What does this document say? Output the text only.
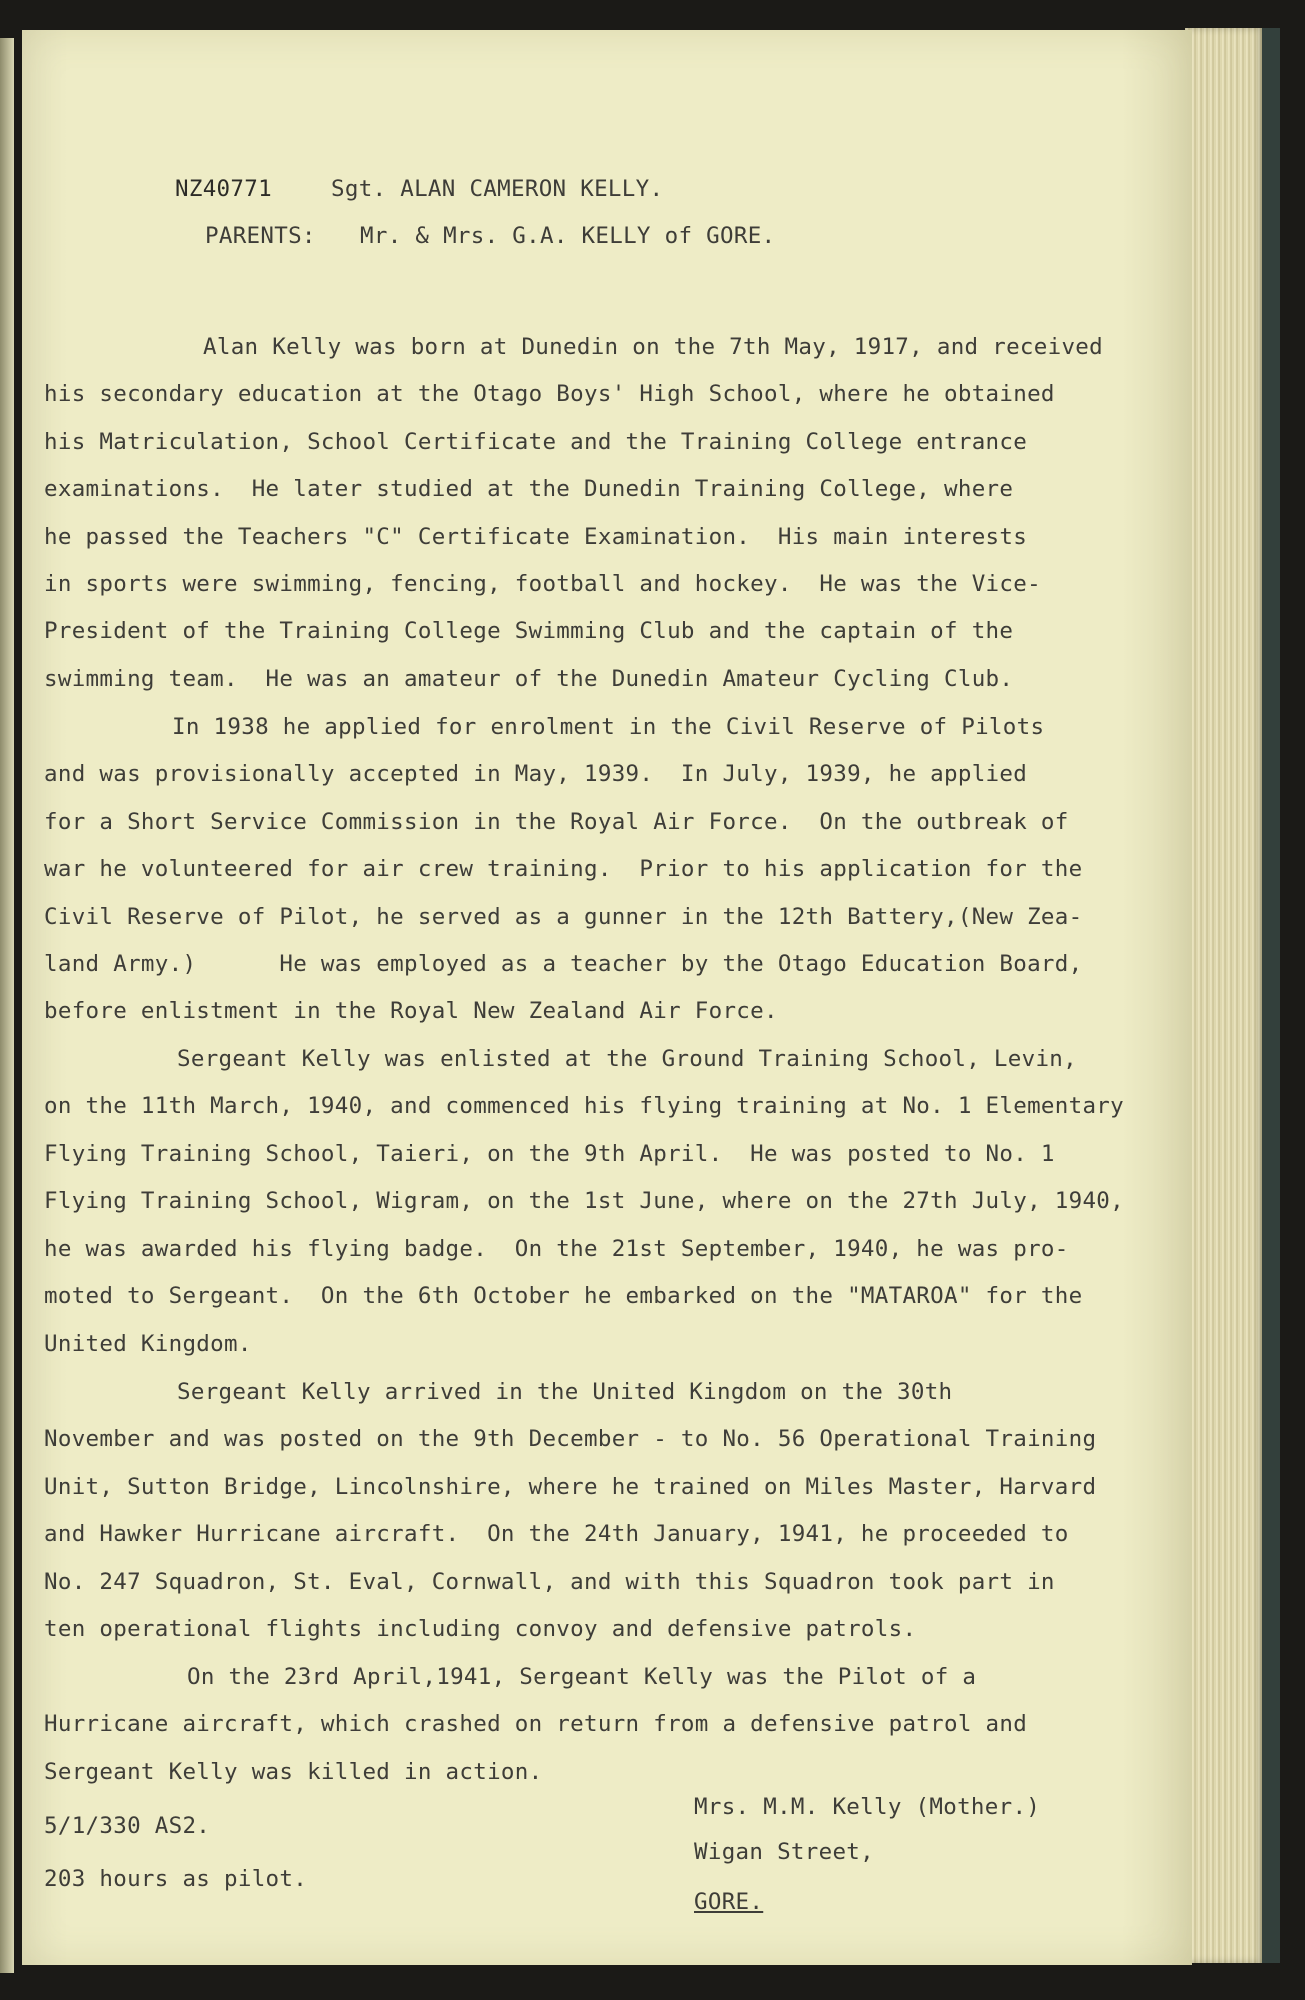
NZ40771	Sgt. ALAN CAMERON KELLY.
PARENTS: Mr. & Mrs. G.A. KELLY of GORE.
Alan Kelly was born at Dunedin on the 7th May, 1917, and received
his secondary education at the Otago Boys' High School, where he obtained
his Matriculation, School Certificate and the Training College entrance
examinations.  He later studied at the Dunedin Training College, where
he passed the Teachers "C" Certificate Examination.  His main interests
in sports were swimming, fencing, football and hockey.  He was the Vice-
President of the Training College Swimming Club and the captain of the
swimming team.  He was an amateur of the Dunedin Amateur Cycling Club.
In 1938 he applied for enrolment in the Civil Reserve of Pilots
and was provisionally accepted in May, 1939.  In July, 1939, he applied
for a Short Service Commission in the Royal Air Force.  On the outbreak of
war he volunteered for air crew training.  Prior to his application for the
Civil Reserve of Pilot, he served as a gunner in the 12th Battery,(New Zea-
land Army.)      He was employed as a teacher by the Otago Education Board,
before enlistment in the Royal New Zealand Air Force.
Sergeant Kelly was enlisted at the Ground Training School, Levin,
on the 11th March, 1940, and commenced his flying training at No. 1 Elementary
Flying Training School, Taieri, on the 9th April.  He was posted to No. 1
Flying Training School, Wigram, on the 1st June, where on the 27th July, 1940,
he was awarded his flying badge.  On the 21st September, 1940, he was pro-
moted to Sergeant.  On the 6th October he embarked on the "MATAROA" for the
United Kingdom.
Sergeant Kelly arrived in the United Kingdom on the 30th
November and was posted on the 9th December - to No. 56 Operational Training
Unit, Sutton Bridge, Lincolnshire, where he trained on Miles Master, Harvard
and Hawker Hurricane aircraft.  On the 24th January, 1941, he proceeded to
No. 247 Squadron, St. Eval, Cornwall, and with this Squadron took part in
ten operational flights including convoy and defensive patrols.
On the 23rd April,1941, Sergeant Kelly was the Pilot of a
Hurricane aircraft, which crashed on return from a defensive patrol and
Sergeant Kelly was killed in action.
5/1/330 AS2.
203 hours as pilot.
Mrs. M.M. Kelly (Mother.)
Wigan Street,
GORE.
